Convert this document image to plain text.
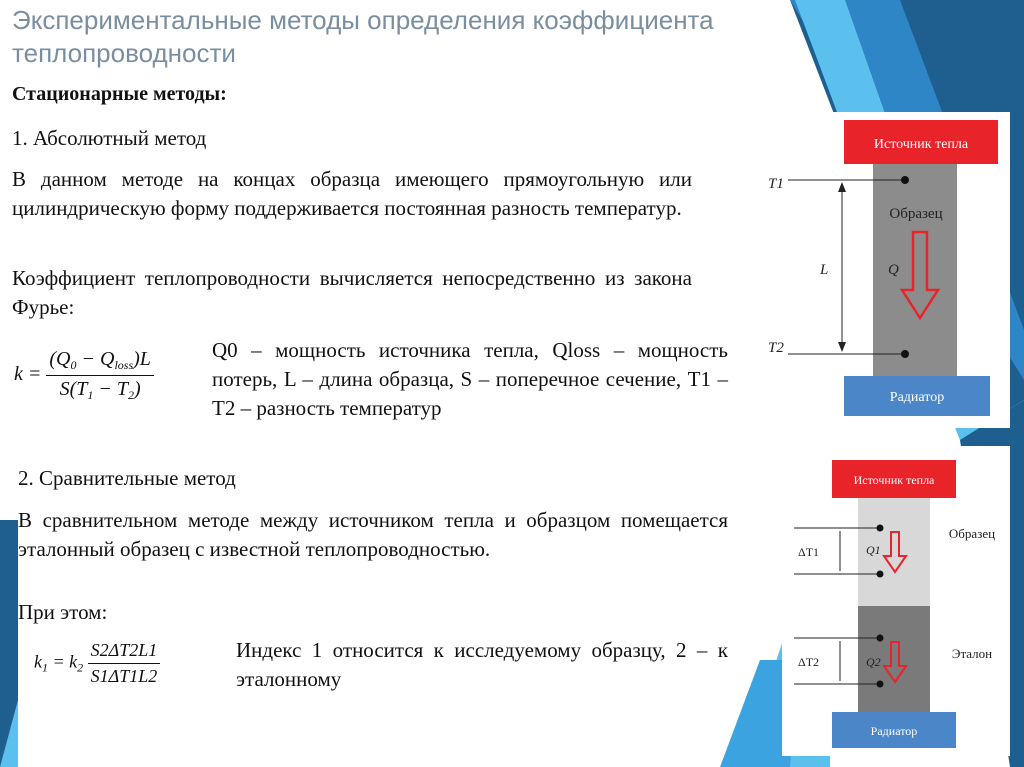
Экспериментальные методы определения коэффициента теплопроводности
Стационарные методы:
1. Абсолютный метод
В данном методе на концах образца имеющего прямоугольную или цилиндрическую форму поддерживается постоянная разность температур.
Коэффициент теплопроводности вычисляется непосредственно из закона Фурье:
$k = \frac{(Q_0 - Q_{loss})L}{S(T_1 - T_2)}$	Q0 – мощность источника тепла, Qloss – мощность потерь, L – длина образца, S – поперечное сечение, T1 – T2 – разность температур
2. Сравнительные метод
В сравнительном методе между источником тепла и образцом помещается эталонный образец с известной теплопроводностью.
При этом:
$k_1 = k_2 \frac{S2\Delta T2L1}{S1\Delta T1L2}$	Индекс 1 относится к исследуемому образцу, 2 – к эталонному
Источник тепла
Радиатор
Образец
T1
T2
L	Q
Источник тепла
Радиатор
Образец
Эталон
ΔT1
ΔT2
Q1
Q2
